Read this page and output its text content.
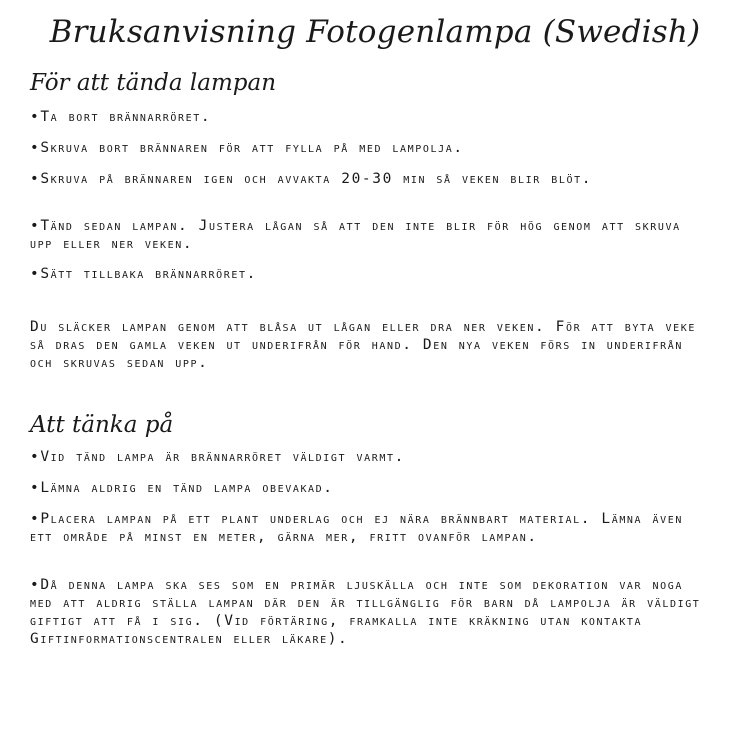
Bruksanvisning Fotogenlampa (Swedish)
För att tända lampan

•Ta bort brännarröret.

•Skruva bort brännaren för att fylla på med lampolja.

•Skruva på brännaren igen och avvakta 20-30 min så veken blir blöt.

•Tänd sedan lampan. Justera lågan så att den inte blir för hög genom att skruva upp eller ner veken.

•Sätt tillbaka brännarröret.

Du släcker lampan genom att blåsa ut lågan eller dra ner veken. För att byta veke så dras den gamla veken ut underifrån för hand. Den nya veken förs in underifrån och skruvas sedan upp.

Att tänka på

•Vid tänd lampa är brännarröret väldigt varmt.

•Lämna aldrig en tänd lampa obevakad.

•Placera lampan på ett plant underlag och ej nära brännbart material. Lämna även ett område på minst en meter, gärna mer, fritt ovanför lampan.

•Då denna lampa ska ses som en primär ljuskälla och inte som dekoration var noga med att aldrig ställa lampan där den är tillgänglig för barn då lampolja är väldigt giftigt att få i sig. (Vid förtäring, framkalla inte kräkning utan kontakta Giftinformationscentralen eller läkare).
